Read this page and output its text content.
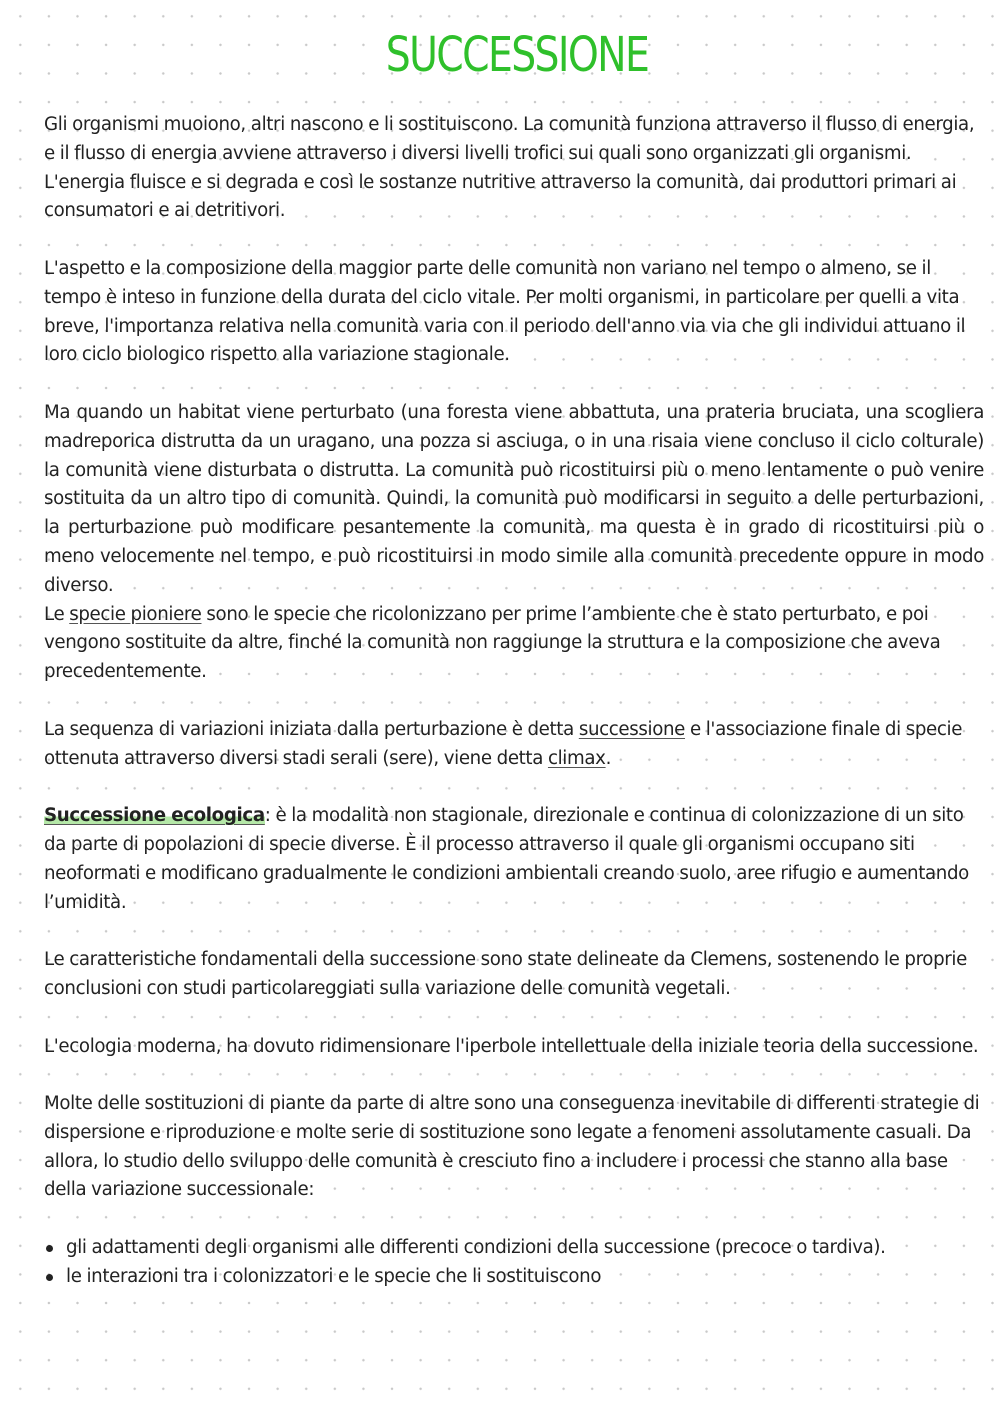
SUCCESSIONE

Gli organismi muoiono, altri nascono e li sostituiscono. La comunità funziona attraverso il flusso di energia, e il flusso di energia avviene attraverso i diversi livelli trofici sui quali sono organizzati gli organismi. L'energia fluisce e si degrada e così le sostanze nutritive attraverso la comunità, dai produttori primari ai consumatori e ai detritivori.

L'aspetto e la composizione della maggior parte delle comunità non variano nel tempo o almeno, se il tempo è inteso in funzione della durata del ciclo vitale. Per molti organismi, in particolare per quelli a vita breve, l'importanza relativa nella comunità varia con il periodo dell'anno via via che gli individui attuano il loro ciclo biologico rispetto alla variazione stagionale.

Ma quando un habitat viene perturbato (una foresta viene abbattuta, una prateria bruciata, una scogliera madreporica distrutta da un uragano, una pozza si asciuga, o in una risaia viene concluso il ciclo colturale) la comunità viene disturbata o distrutta. La comunità può ricostituirsi più o meno lentamente o può venire sostituita da un altro tipo di comunità. Quindi, la comunità può modificarsi in seguito a delle perturbazioni, la perturbazione può modificare pesantemente la comunità, ma questa è in grado di ricostituirsi più o meno velocemente nel tempo, e può ricostituirsi in modo simile alla comunità precedente oppure in modo diverso.

Le specie pioniere sono le specie che ricolonizzano per prime l’ambiente che è stato perturbato, e poi vengono sostituite da altre, finché la comunità non raggiunge la struttura e la composizione che aveva precedentemente.

La sequenza di variazioni iniziata dalla perturbazione è detta successione e l'associazione finale di specie ottenuta attraverso diversi stadi serali (sere), viene detta climax.

Successione ecologica: è la modalità non stagionale, direzionale e continua di colonizzazione di un sito da parte di popolazioni di specie diverse. È il processo attraverso il quale gli organismi occupano siti neoformati e modificano gradualmente le condizioni ambientali creando suolo, aree rifugio e aumentando l’umidità.

Le caratteristiche fondamentali della successione sono state delineate da Clemens, sostenendo le proprie conclusioni con studi particolareggiati sulla variazione delle comunità vegetali.

L'ecologia moderna, ha dovuto ridimensionare l'iperbole intellettuale della iniziale teoria della successione.

Molte delle sostituzioni di piante da parte di altre sono una conseguenza inevitabile di differenti strategie di dispersione e riproduzione e molte serie di sostituzione sono legate a fenomeni assolutamente casuali. Da allora, lo studio dello sviluppo delle comunità è cresciuto fino a includere i processi che stanno alla base della variazione successionale:

gli adattamenti degli organismi alle differenti condizioni della successione (precoce o tardiva).
le interazioni tra i colonizzatori e le specie che li sostituiscono
